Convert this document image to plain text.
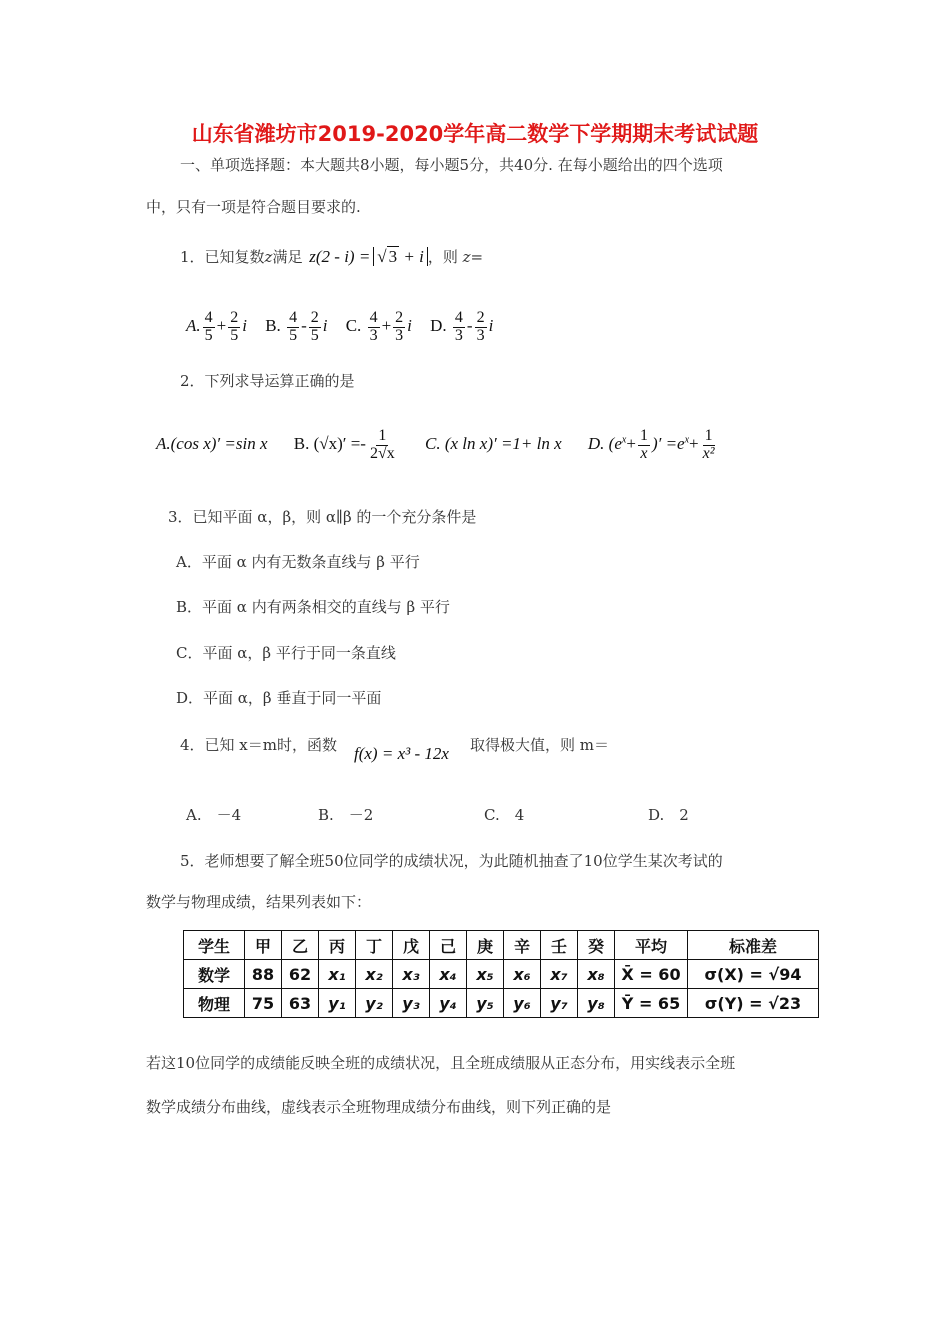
山东省潍坊市2019-2020学年高二数学下学期期末考试试题
一、单项选择题：本大题共8小题，每小题5分，共40分. 在每小题给出的四个选项
中，只有一项是符合题目要求的.
1．已知复数z满足 z(2 - i) = √ 3 + i ，则 z=
A. $\frac{4}{5} + \frac{2}{5}$ i B. $\frac{4}{5} - \frac{2}{5}$ i C. $\frac{4}{3} + \frac{2}{3}$ i D. $\frac{4}{3} - \frac{2}{3}$ i
2．下列求导运算正确的是
A.(cos x)′ =sin x B. $(√x)' =- \frac{1}{2√x} C$. (x ln x)′ =1+ ln x D. ($e^x+ \frac{1}{x}$ )′ $=e^x+ \frac{1}{\text{x²}}$
3．已知平面 α，β，则 α∥β 的一个充分条件是
A．平面 α 内有无数条直线与 β 平行
B．平面 α 内有两条相交的直线与 β 平行
C．平面 α，β 平行于同一条直线
D．平面 α，β 垂直于同一平面
4．已知 x＝m时，函数 f(x) = x³ - 12x 取得极大值，则 m＝
A.　－4	B.　－2	C.　4	D.　2
5．老师想要了解全班50位同学的成绩状况，为此随机抽查了10位学生某次考试的
数学与物理成绩，结果列表如下：
学生	甲	乙	丙	丁	戊	己	庚	辛	壬	癸	平均	标准差
数学	88	62	x₁	x₂	x₃	x₄	x₅	x₆	x₇	x₈	X̄ = 60	σ(X) = √94
物理	75	63	y₁	y₂	y₃	y₄	y₅	y₆	y₇	y₈	Ȳ = 65	σ(Y) = √23
若这10位同学的成绩能反映全班的成绩状况，且全班成绩服从正态分布，用实线表示全班
数学成绩分布曲线，虚线表示全班物理成绩分布曲线，则下列正确的是
